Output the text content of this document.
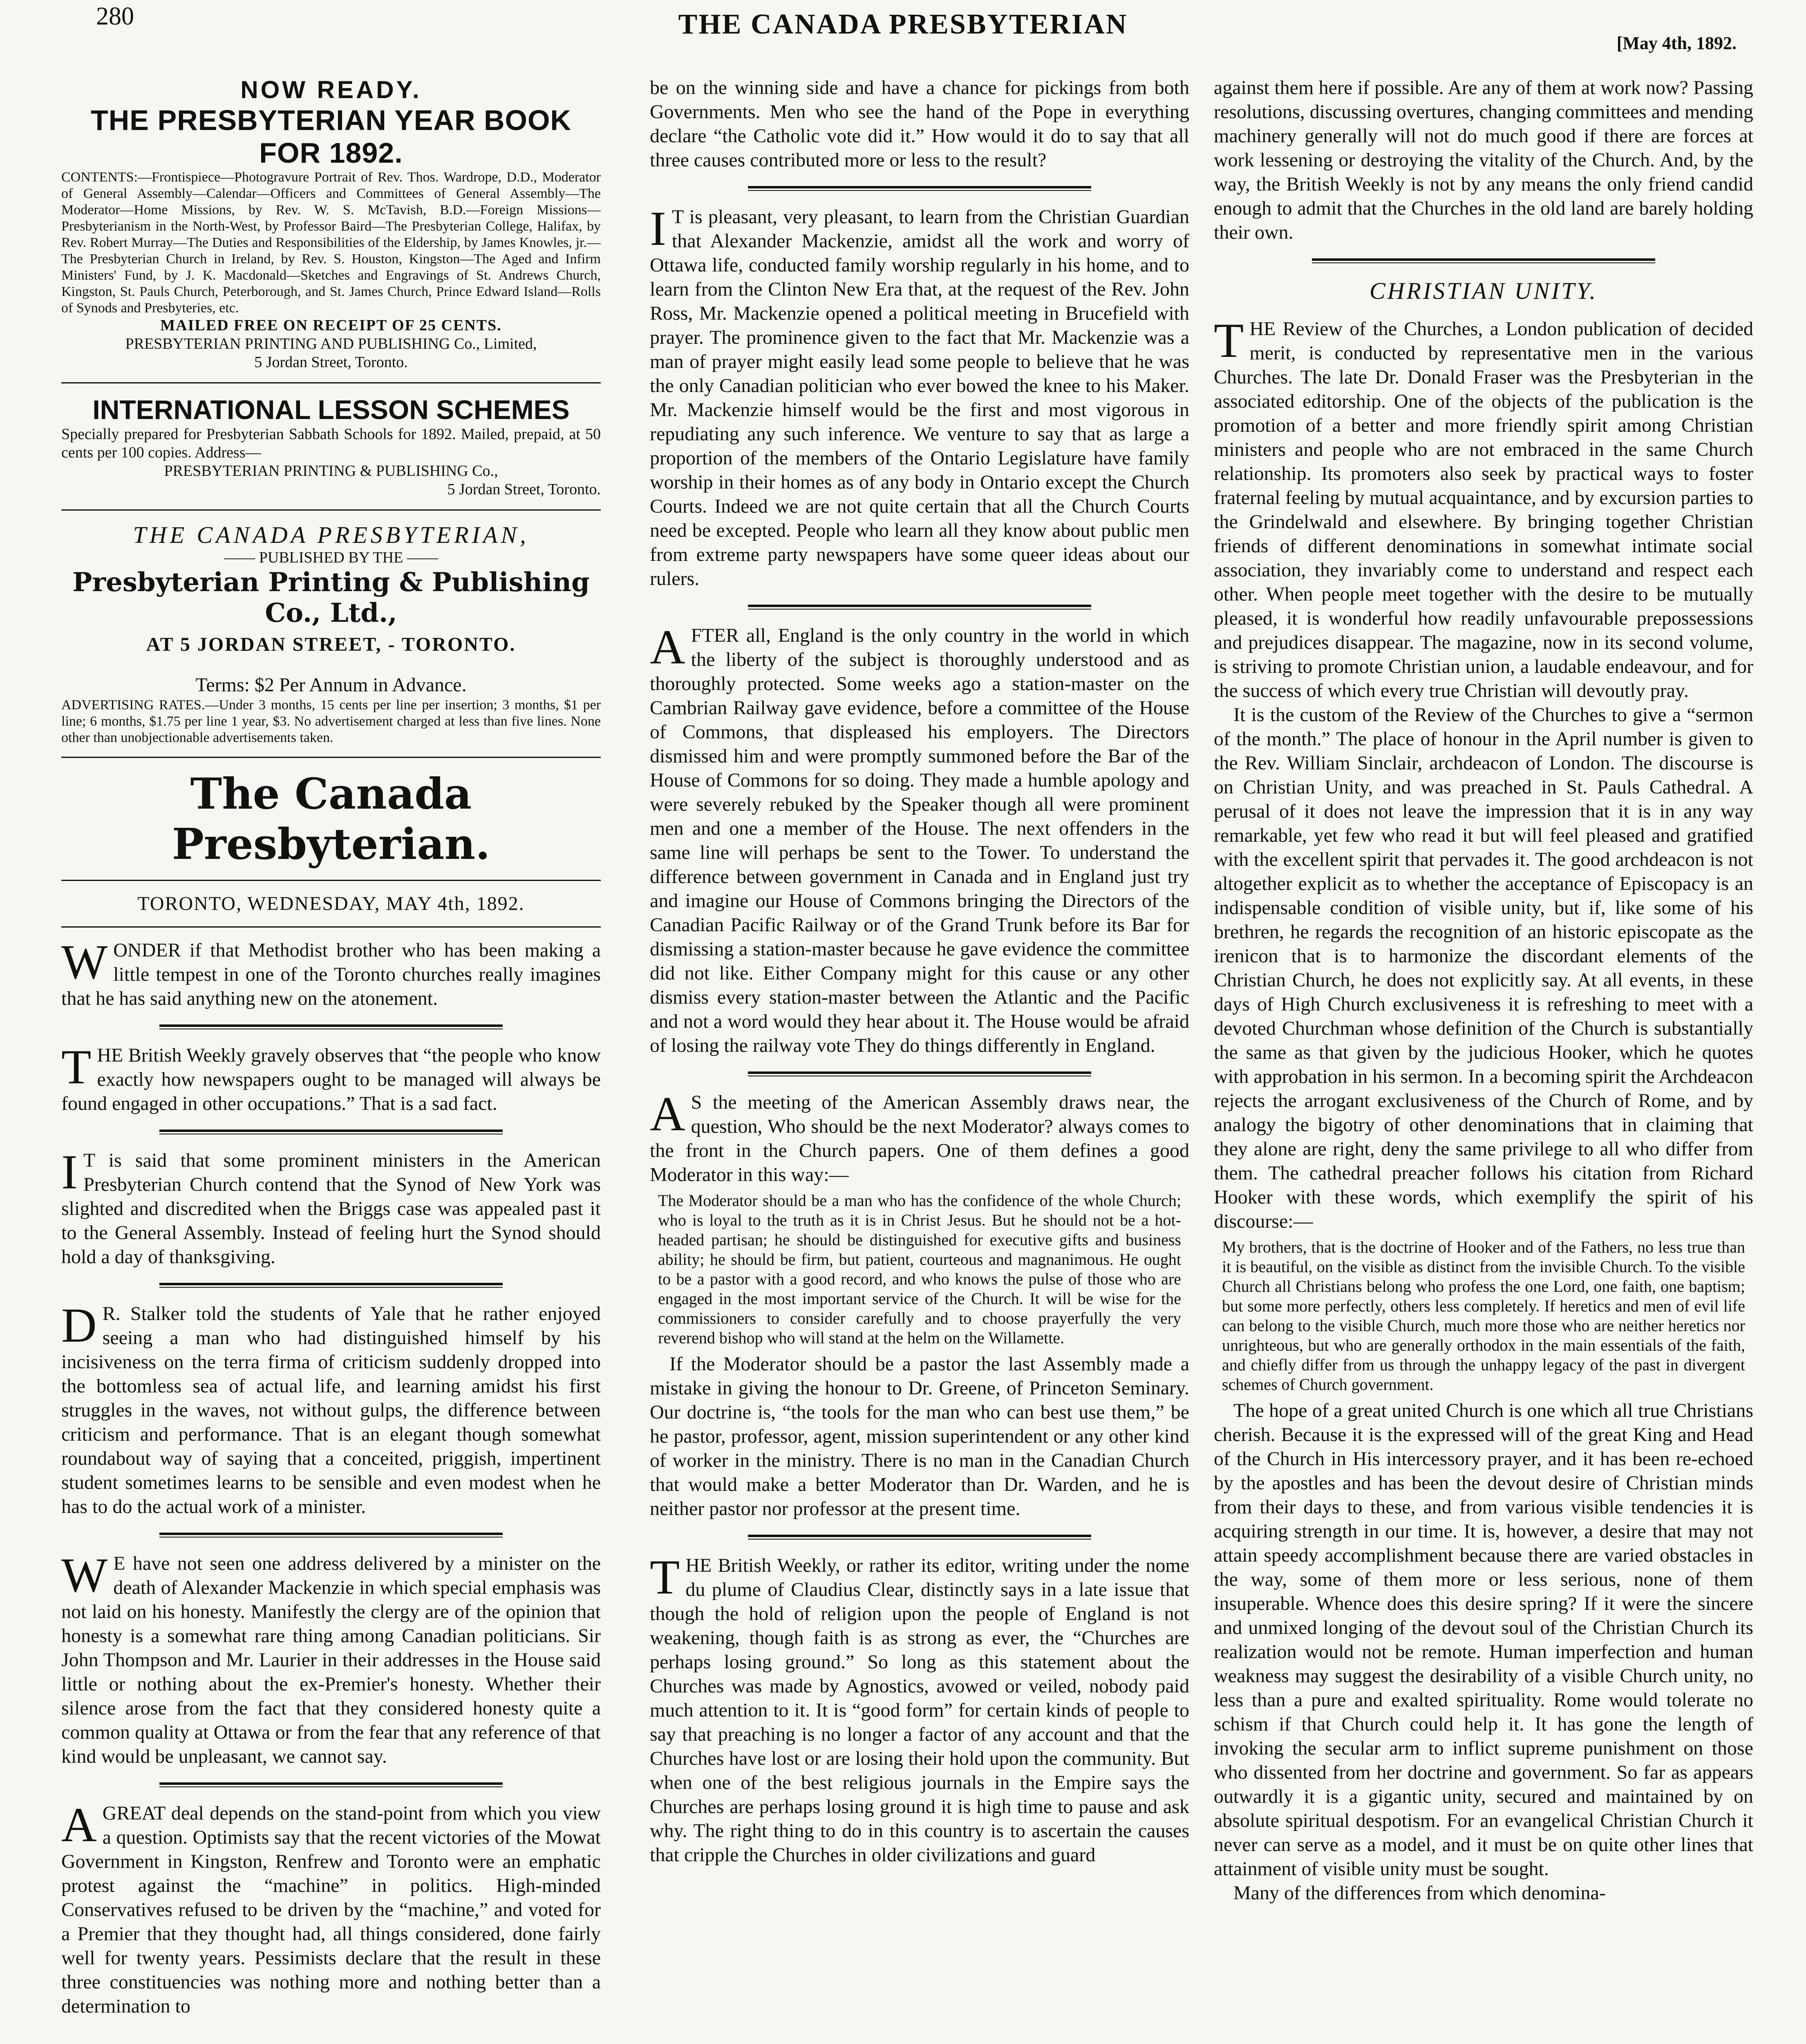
280	THE CANADA PRESBYTERIAN
[May 4th, 1892.
NOW READY.
THE PRESBYTERIAN YEAR BOOK FOR 1892.

CONTENTS:—Frontispiece—Photogravure Portrait of Rev. Thos. Wardrope, D.D., Moderator of General Assembly—Calendar—Officers and Committees of General Assembly—The Moderator—Home Missions, by Rev. W. S. McTavish, B.D.—Foreign Missions—Presbyterianism in the North-West, by Professor Baird—The Presbyterian College, Halifax, by Rev. Robert Murray—The Duties and Responsibilities of the Eldership, by James Knowles, jr.—The Presbyterian Church in Ireland, by Rev. S. Houston, Kingston—The Aged and Infirm Ministers' Fund, by J. K. Macdonald—Sketches and Engravings of St. Andrews Church, Kingston, St. Pauls Church, Peterborough, and St. James Church, Prince Edward Island—Rolls of Synods and Presbyteries, etc.

MAILED FREE ON RECEIPT OF 25 CENTS.

PRESBYTERIAN PRINTING AND PUBLISHING Co., Limited,

5 Jordan Street, Toronto.

INTERNATIONAL LESSON SCHEMES

Specially prepared for Presbyterian Sabbath Schools for 1892. Mailed, prepaid, at 50 cents per 100 copies. Address—

PRESBYTERIAN PRINTING & PUBLISHING Co.,

5 Jordan Street, Toronto.

THE CANADA PRESBYTERIAN,

—— PUBLISHED BY THE ——

Presbyterian Printing & Publishing Co., Ltd.,

AT 5 JORDAN STREET, - TORONTO.

Terms: $2 Per Annum in Advance.

ADVERTISING RATES.—Under 3 months, 15 cents per line per insertion; 3 months, $1 per line; 6 months, $1.75 per line 1 year, $3. No advertisement charged at less than five lines. None other than unobjectionable advertisements taken.

The Canada Presbyterian.

TORONTO, WEDNESDAY, MAY 4th, 1892.

WONDER if that Methodist brother who has been making a little tempest in one of the Toronto churches really imagines that he has said anything new on the atonement.

THE British Weekly gravely observes that “the people who know exactly how newspapers ought to be managed will always be found engaged in other occupations.” That is a sad fact.

I T is said that some prominent ministers in the American Presbyterian Church contend that the Synod of New York was slighted and discredited when the Briggs case was appealed past it to the General Assembly. Instead of feeling hurt the Synod should hold a day of thanksgiving.

D R. Stalker told the students of Yale that he rather enjoyed seeing a man who had distinguished himself by his incisiveness on the terra firma of criticism suddenly dropped into the bottomless sea of actual life, and learning amidst his first struggles in the waves, not without gulps, the difference between criticism and performance. That is an elegant though somewhat roundabout way of saying that a conceited, priggish, impertinent student sometimes learns to be sensible and even modest when he has to do the actual work of a minister.

W E have not seen one address delivered by a minister on the death of Alexander Mackenzie in which special emphasis was not laid on his honesty. Manifestly the clergy are of the opinion that honesty is a somewhat rare thing among Canadian politicians. Sir John Thompson and Mr. Laurier in their addresses in the House said little or nothing about the ex-Premier's honesty. Whether their silence arose from the fact that they considered honesty quite a common quality at Ottawa or from the fear that any reference of that kind would be unpleasant, we cannot say.

A GREAT deal depends on the stand-point from which you view a question. Optimists say that the recent victories of the Mowat Government in Kingston, Renfrew and Toronto were an emphatic protest against the “machine” in politics. High-minded Conservatives refused to be driven by the “machine,” and voted for a Premier that they thought had, all things considered, done fairly well for twenty years. Pessimists declare that the result in these three constituencies was nothing more and nothing better than a determination to

be on the winning side and have a chance for pickings from both Governments. Men who see the hand of the Pope in everything declare “the Catholic vote did it.” How would it do to say that all three causes contributed more or less to the result?

I T is pleasant, very pleasant, to learn from the Christian Guardian that Alexander Mackenzie, amidst all the work and worry of Ottawa life, conducted family worship regularly in his home, and to learn from the Clinton New Era that, at the request of the Rev. John Ross, Mr. Mackenzie opened a political meeting in Brucefield with prayer. The prominence given to the fact that Mr. Mackenzie was a man of prayer might easily lead some people to believe that he was the only Canadian politician who ever bowed the knee to his Maker. Mr. Mackenzie himself would be the first and most vigorous in repudiating any such inference. We venture to say that as large a proportion of the members of the Ontario Legislature have family worship in their homes as of any body in Ontario except the Church Courts. Indeed we are not quite certain that all the Church Courts need be excepted. People who learn all they know about public men from extreme party newspapers have some queer ideas about our rulers.

AFTER all, England is the only country in the world in which the liberty of the subject is thoroughly understood and as thoroughly protected. Some weeks ago a station-master on the Cambrian Railway gave evidence, before a committee of the House of Commons, that displeased his employers. The Directors dismissed him and were promptly summoned before the Bar of the House of Commons for so doing. They made a humble apology and were severely rebuked by the Speaker though all were prominent men and one a member of the House. The next offenders in the same line will perhaps be sent to the Tower. To understand the difference between government in Canada and in England just try and imagine our House of Commons bringing the Directors of the Canadian Pacific Railway or of the Grand Trunk before its Bar for dismissing a station-master because he gave evidence the committee did not like. Either Company might for this cause or any other dismiss every station-master between the Atlantic and the Pacific and not a word would they hear about it. The House would be afraid of losing the railway vote They do things differently in England.

A S the meeting of the American Assembly draws near, the question, Who should be the next Moderator? always comes to the front in the Church papers. One of them defines a good Moderator in this way:—

The Moderator should be a man who has the confidence of the whole Church; who is loyal to the truth as it is in Christ Jesus. But he should not be a hot-headed partisan; he should be distinguished for executive gifts and business ability; he should be firm, but patient, courteous and magnanimous. He ought to be a pastor with a good record, and who knows the pulse of those who are engaged in the most important service of the Church. It will be wise for the commissioners to consider carefully and to choose prayerfully the very reverend bishop who will stand at the helm on the Willamette.

If the Moderator should be a pastor the last Assembly made a mistake in giving the honour to Dr. Greene, of Princeton Seminary. Our doctrine is, “the tools for the man who can best use them,” be he pastor, professor, agent, mission superintendent or any other kind of worker in the ministry. There is no man in the Canadian Church that would make a better Moderator than Dr. Warden, and he is neither pastor nor professor at the present time.

THE British Weekly, or rather its editor, writing under the nome du plume of Claudius Clear, distinctly says in a late issue that though the hold of religion upon the people of England is not weakening, though faith is as strong as ever, the “Churches are perhaps losing ground.” So long as this statement about the Churches was made by Agnostics, avowed or veiled, nobody paid much attention to it. It is “good form” for certain kinds of people to say that preaching is no longer a factor of any account and that the Churches have lost or are losing their hold upon the community. But when one of the best religious journals in the Empire says the Churches are perhaps losing ground it is high time to pause and ask why. The right thing to do in this country is to ascertain the causes that cripple the Churches in older civilizations and guard

against them here if possible. Are any of them at work now? Passing resolutions, discussing overtures, changing committees and mending machinery generally will not do much good if there are forces at work lessening or destroying the vitality of the Church. And, by the way, the British Weekly is not by any means the only friend candid enough to admit that the Churches in the old land are barely holding their own.

CHRISTIAN UNITY.

THE Review of the Churches, a London publication of decided merit, is conducted by representative men in the various Churches. The late Dr. Donald Fraser was the Presbyterian in the associated editorship. One of the objects of the publication is the promotion of a better and more friendly spirit among Christian ministers and people who are not embraced in the same Church relationship. Its promoters also seek by practical ways to foster fraternal feeling by mutual acquaintance, and by excursion parties to the Grindelwald and elsewhere. By bringing together Christian friends of different denominations in somewhat intimate social association, they invariably come to understand and respect each other. When people meet together with the desire to be mutually pleased, it is wonderful how readily unfavourable prepossessions and prejudices disappear. The magazine, now in its second volume, is striving to promote Christian union, a laudable endeavour, and for the success of which every true Christian will devoutly pray.

It is the custom of the Review of the Churches to give a “sermon of the month.” The place of honour in the April number is given to the Rev. William Sinclair, archdeacon of London. The discourse is on Christian Unity, and was preached in St. Pauls Cathedral. A perusal of it does not leave the impression that it is in any way remarkable, yet few who read it but will feel pleased and gratified with the excellent spirit that pervades it. The good archdeacon is not altogether explicit as to whether the acceptance of Episcopacy is an indispensable condition of visible unity, but if, like some of his brethren, he regards the recognition of an historic episcopate as the irenicon that is to harmonize the discordant elements of the Christian Church, he does not explicitly say. At all events, in these days of High Church exclusiveness it is refreshing to meet with a devoted Churchman whose definition of the Church is substantially the same as that given by the judicious Hooker, which he quotes with approbation in his sermon. In a becoming spirit the Archdeacon rejects the arrogant exclusiveness of the Church of Rome, and by analogy the bigotry of other denominations that in claiming that they alone are right, deny the same privilege to all who differ from them. The cathedral preacher follows his citation from Richard Hooker with these words, which exemplify the spirit of his discourse:—

My brothers, that is the doctrine of Hooker and of the Fathers, no less true than it is beautiful, on the visible as distinct from the invisible Church. To the visible Church all Christians belong who profess the one Lord, one faith, one baptism; but some more perfectly, others less completely. If heretics and men of evil life can belong to the visible Church, much more those who are neither heretics nor unrighteous, but who are generally orthodox in the main essentials of the faith, and chiefly differ from us through the unhappy legacy of the past in divergent schemes of Church government.

The hope of a great united Church is one which all true Christians cherish. Because it is the expressed will of the great King and Head of the Church in His intercessory prayer, and it has been re-echoed by the apostles and has been the devout desire of Christian minds from their days to these, and from various visible tendencies it is acquiring strength in our time. It is, however, a desire that may not attain speedy accomplishment because there are varied obstacles in the way, some of them more or less serious, none of them insuperable. Whence does this desire spring? If it were the sincere and unmixed longing of the devout soul of the Christian Church its realization would not be remote. Human imperfection and human weakness may suggest the desirability of a visible Church unity, no less than a pure and exalted spirituality. Rome would tolerate no schism if that Church could help it. It has gone the length of invoking the secular arm to inflict supreme punishment on those who dissented from her doctrine and government. So far as appears outwardly it is a gigantic unity, secured and maintained by on absolute spiritual despotism. For an evangelical Christian Church it never can serve as a model, and it must be on quite other lines that attainment of visible unity must be sought.

Many of the differences from which denomina-
